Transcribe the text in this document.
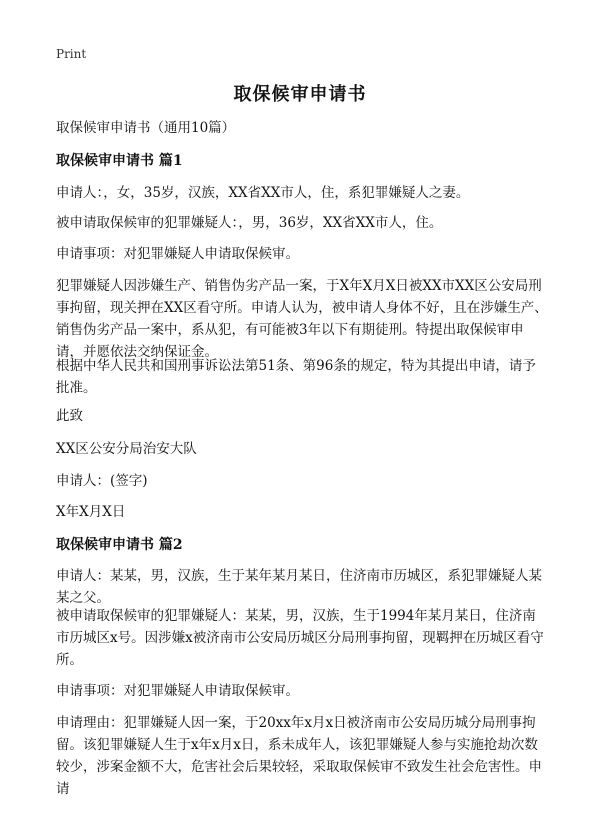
Print
取保候审申请书
取保候审申请书（通用10篇）
取保候审申请书 篇1
申请人：，女，35岁，汉族，XX省XX市人，住，系犯罪嫌疑人之妻。
被申请取保候审的犯罪嫌疑人：，男，36岁，XX省XX市人，住。
申请事项：对犯罪嫌疑人申请取保候审。
犯罪嫌疑人因涉嫌生产、销售伪劣产品一案，于X年X月X日被XX市XX区公安局刑事拘留，现关押在XX区看守所。申请人认为，被申请人身体不好，且在涉嫌生产、销售伪劣产品一案中，系从犯，有可能被3年以下有期徒刑。特提出取保候审申请，并愿依法交纳保证金。
根据中华人民共和国刑事诉讼法第51条、第96条的规定，特为其提出申请，请予批准。
此致
XX区公安分局治安大队
申请人：(签字)
X年X月X日
取保候审申请书 篇2
申请人：某某，男，汉族，生于某年某月某日，住济南市历城区，系犯罪嫌疑人某某之父。
被申请取保候审的犯罪嫌疑人：某某，男，汉族，生于1994年某月某日，住济南市历城区x号。因涉嫌x被济南市公安局历城区分局刑事拘留，现羁押在历城区看守所。
申请事项：对犯罪嫌疑人申请取保候审。
申请理由：犯罪嫌疑人因一案，于20xx年x月x日被济南市公安局历城分局刑事拘留。该犯罪嫌疑人生于x年x月x日，系未成年人，该犯罪嫌疑人参与实施抢劫次数较少，涉案金额不大，危害社会后果较轻，采取取保候审不致发生社会危害性。申请
